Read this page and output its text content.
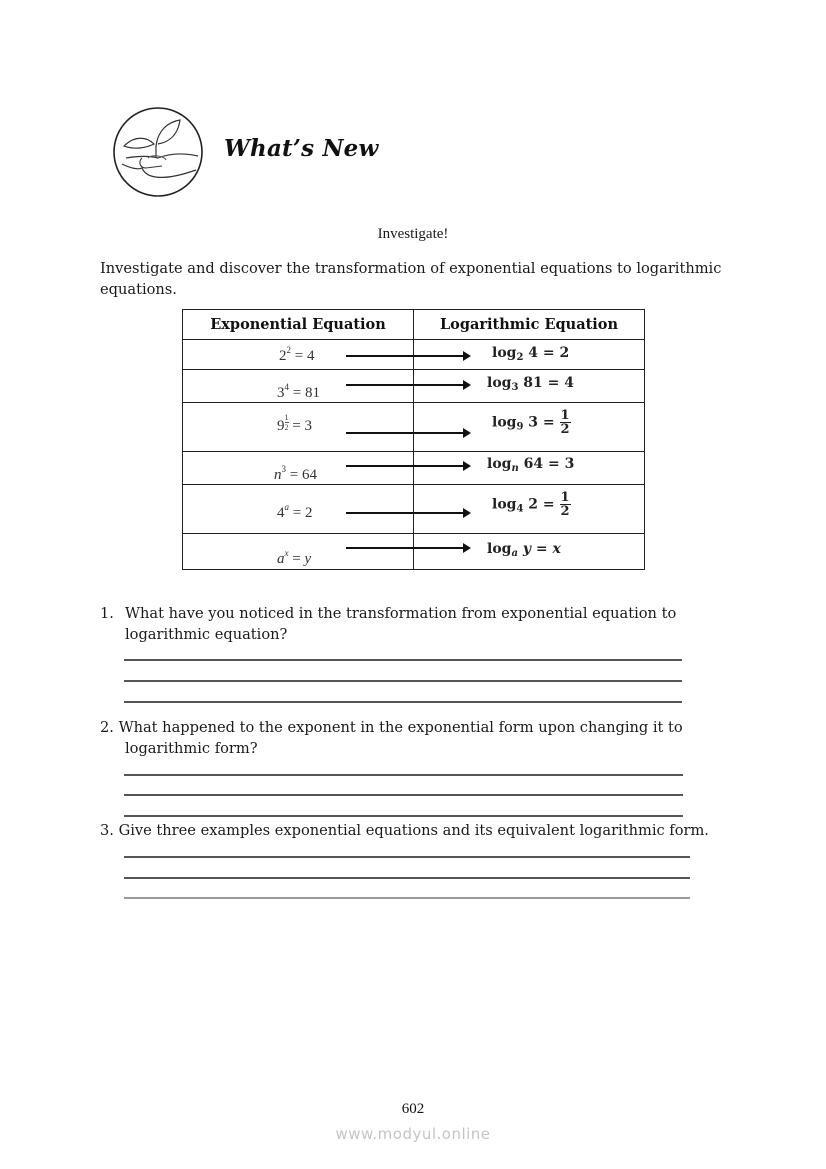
What’s New
Investigate!
Investigate and discover the transformation of exponential equations to logarithmic equations.
Exponential Equation	Logarithmic Equation

$2^2 = 4$	$\log_2 4 = 2$

$3^4 = 81$	$\log_3 81 = 4$

$9 \frac{1}{2} = 3$	$\log_9 3 = \frac{1}{2}$

$n^3 = 64$	$\log_n 64 = 3$

$4^a = 2$	$\log_4 2 = \frac{1}{2}$

$a^x = y$	$\log_a y = x$
1. What have you noticed in the transformation from exponential equation to
logarithmic equation?
2. What happened to the exponent in the exponential form upon changing it to
logarithmic form?
3. Give three examples exponential equations and its equivalent logarithmic form.
602
www.modyul.online
